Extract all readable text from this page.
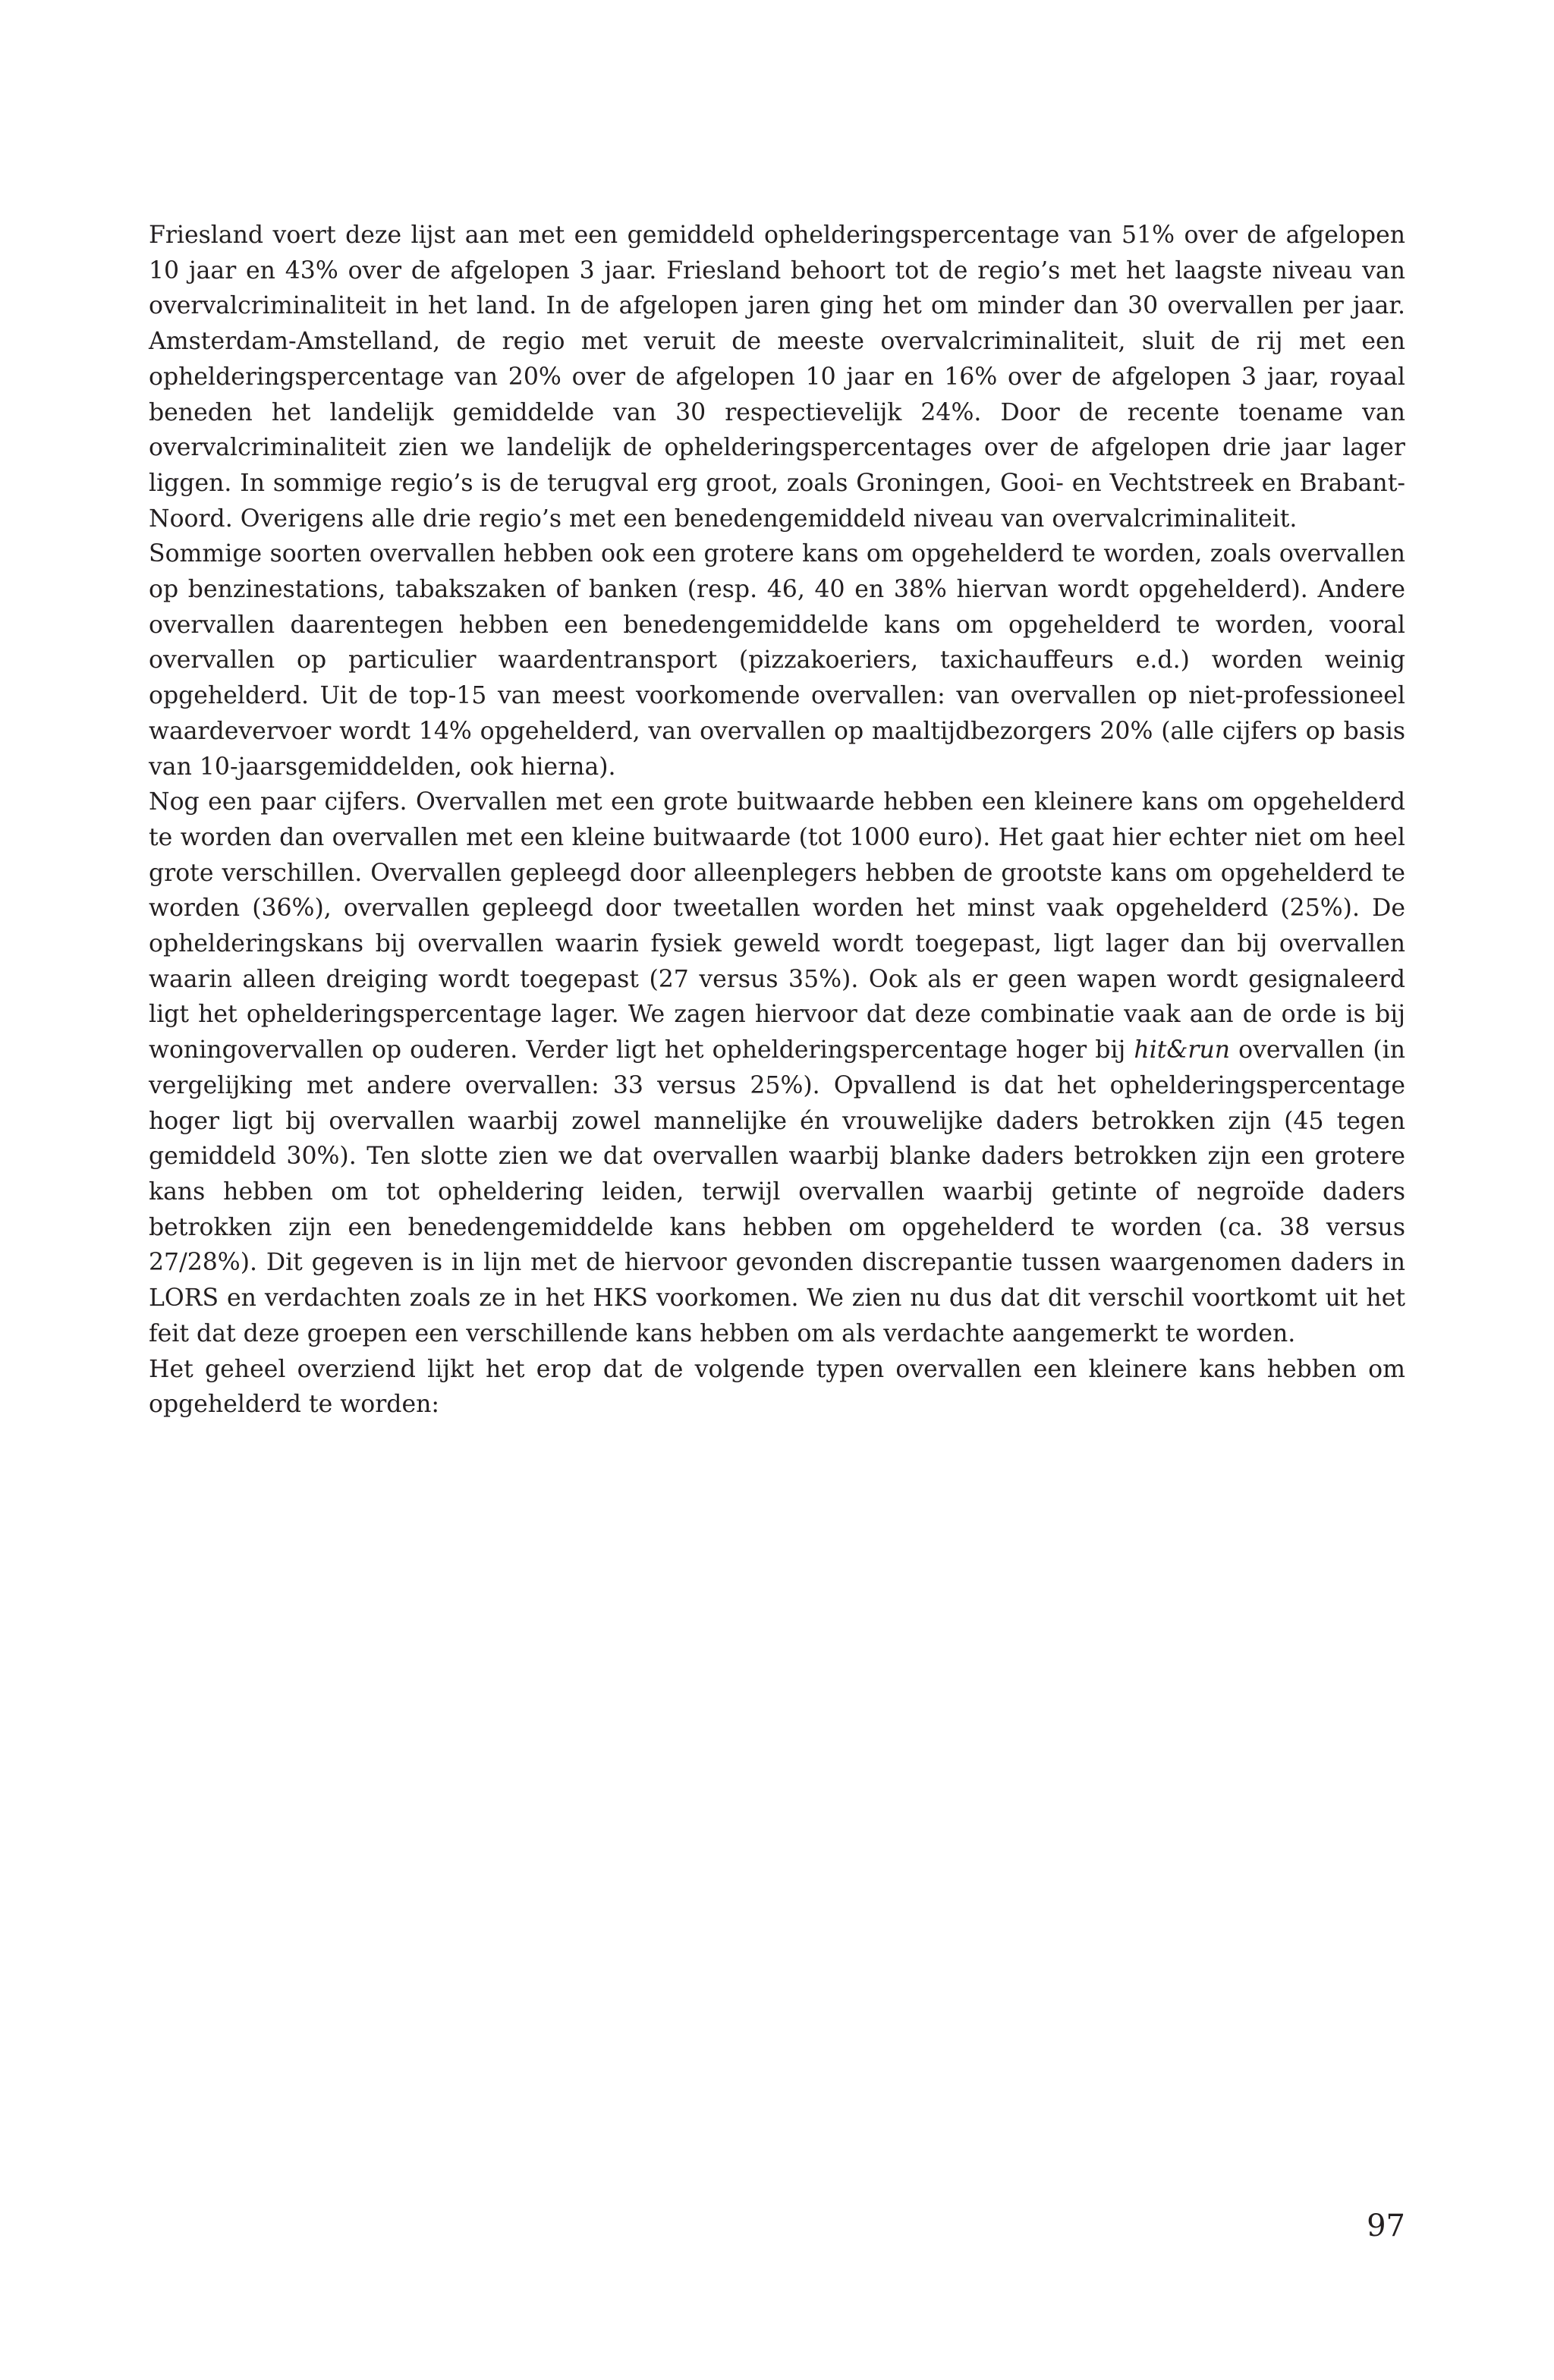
Friesland voert deze lijst aan met een gemiddeld ophelderingspercentage van 51% over de afgelopen 10 jaar en 43% over de afgelopen 3 jaar. Friesland behoort tot de regio’s met het laagste niveau van overvalcriminaliteit in het land. In de afgelopen jaren ging het om minder dan 30 overvallen per jaar. Amsterdam-Amstelland, de regio met veruit de meeste overvalcriminaliteit, sluit de rij met een ophelderingspercentage van 20% over de afgelopen 10 jaar en 16% over de afgelopen 3 jaar, royaal beneden het landelijk gemiddelde van 30 respectievelijk 24%. Door de recente toename van overvalcriminaliteit zien we landelijk de ophelderingspercentages over de afgelopen drie jaar lager liggen. In sommige regio’s is de terugval erg groot, zoals Groningen, Gooi- en Vechtstreek en Brabant-Noord. Overigens alle drie regio’s met een benedengemiddeld niveau van overvalcriminaliteit.

Sommige soorten overvallen hebben ook een grotere kans om opgehelderd te worden, zoals overvallen op benzinestations, tabakszaken of banken (resp. 46, 40 en 38% hiervan wordt opgehelderd). Andere overvallen daarentegen hebben een benedengemiddelde kans om opgehelderd te worden, vooral overvallen op particulier waardentransport (pizzakoeriers, taxichauffeurs e.d.) worden weinig opgehelderd. Uit de top-15 van meest voorkomende overvallen: van overvallen op niet-professioneel waardevervoer wordt 14% opgehelderd, van overvallen op maaltijdbezorgers 20% (alle cijfers op basis van 10-jaarsgemiddelden, ook hierna).

Nog een paar cijfers. Overvallen met een grote buitwaarde hebben een kleinere kans om opgehelderd te worden dan overvallen met een kleine buitwaarde (tot 1000 euro). Het gaat hier echter niet om heel grote verschillen. Overvallen gepleegd door alleenplegers hebben de grootste kans om opgehelderd te worden (36%), overvallen gepleegd door tweetallen worden het minst vaak opgehelderd (25%). De ophelderingskans bij overvallen waarin fysiek geweld wordt toegepast, ligt lager dan bij overvallen waarin alleen dreiging wordt toegepast (27 versus 35%). Ook als er geen wapen wordt gesignaleerd ligt het ophelderingspercentage lager. We zagen hiervoor dat deze combinatie vaak aan de orde is bij woningovervallen op ouderen. Verder ligt het ophelderingspercentage hoger bij hit&run overvallen (in vergelijking met andere overvallen: 33 versus 25%). Opvallend is dat het ophelderingspercentage hoger ligt bij overvallen waarbij zowel mannelijke én vrouwelijke daders betrokken zijn (45 tegen gemiddeld 30%). Ten slotte zien we dat overvallen waarbij blanke daders betrokken zijn een grotere kans hebben om tot opheldering leiden, terwijl overvallen waarbij getinte of negroïde daders betrokken zijn een benedengemiddelde kans hebben om opgehelderd te worden (ca. 38 versus 27/28%). Dit gegeven is in lijn met de hiervoor gevonden discrepantie tussen waargenomen daders in LORS en verdachten zoals ze in het HKS voorkomen. We zien nu dus dat dit verschil voortkomt uit het feit dat deze groepen een verschillende kans hebben om als verdachte aangemerkt te worden.

Het geheel overziend lijkt het erop dat de volgende typen overvallen een kleinere kans hebben om opgehelderd te worden:

97
